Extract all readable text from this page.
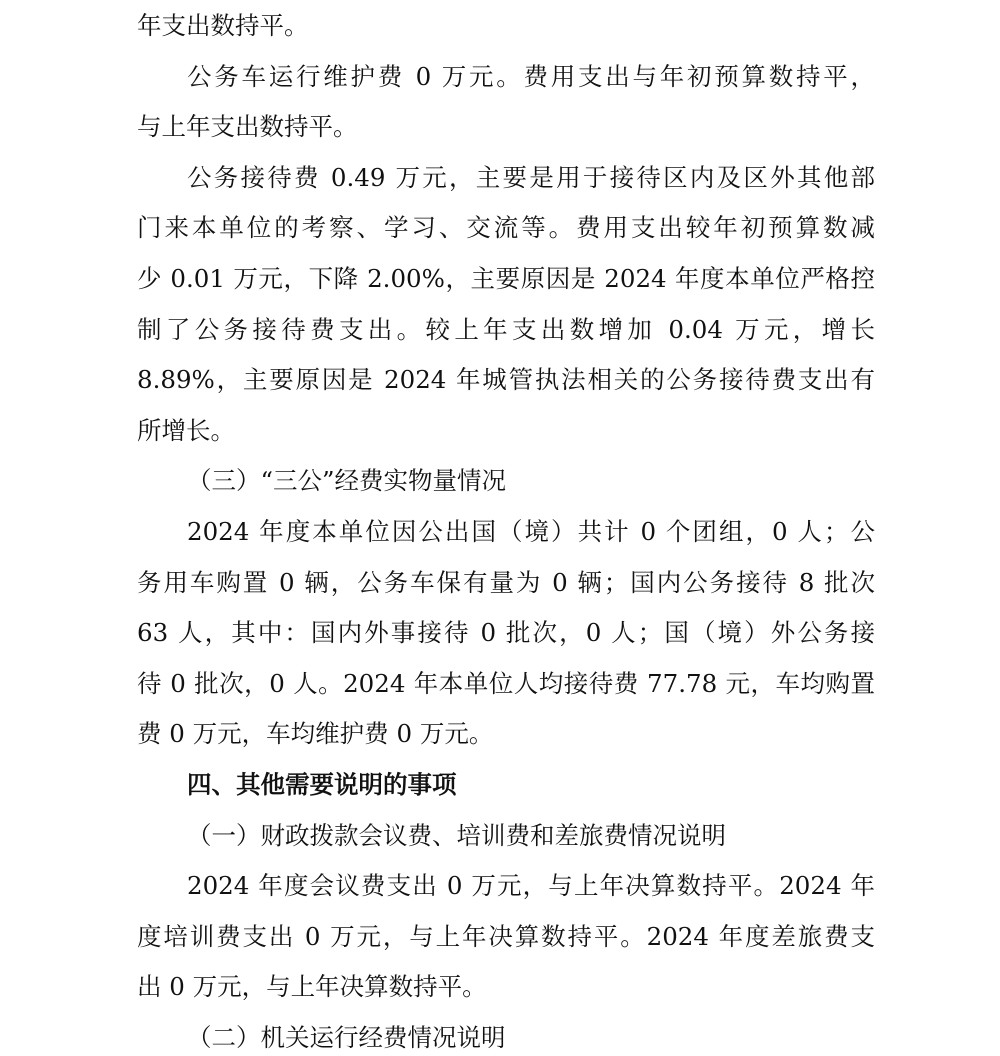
年支出数持平。
公务车运行维护费 0 万元。费用支出与年初预算数持平，
与上年支出数持平。
公务接待费 0.49 万元，主要是用于接待区内及区外其他部
门来本单位的考察、学习、交流等。费用支出较年初预算数减
少 0.01 万元，下降 2.00%，主要原因是 2024 年度本单位严格控
制了公务接待费支出。较上年支出数增加 0.04 万元，增长
8.89%，主要原因是 2024 年城管执法相关的公务接待费支出有
所增长。
（三）“三公”经费实物量情况
2024 年度本单位因公出国（境）共计 0 个团组，0 人；公
务用车购置 0 辆，公务车保有量为 0 辆；国内公务接待 8 批次
63 人，其中：国内外事接待 0 批次，0 人；国（境）外公务接
待 0 批次，0 人。2024 年本单位人均接待费 77.78 元，车均购置
费 0 万元，车均维护费 0 万元。
四、其他需要说明的事项
（一）财政拨款会议费、培训费和差旅费情况说明
2024 年度会议费支出 0 万元，与上年决算数持平。2024 年
度培训费支出 0 万元，与上年决算数持平。2024 年度差旅费支
出 0 万元，与上年决算数持平。
（二）机关运行经费情况说明
